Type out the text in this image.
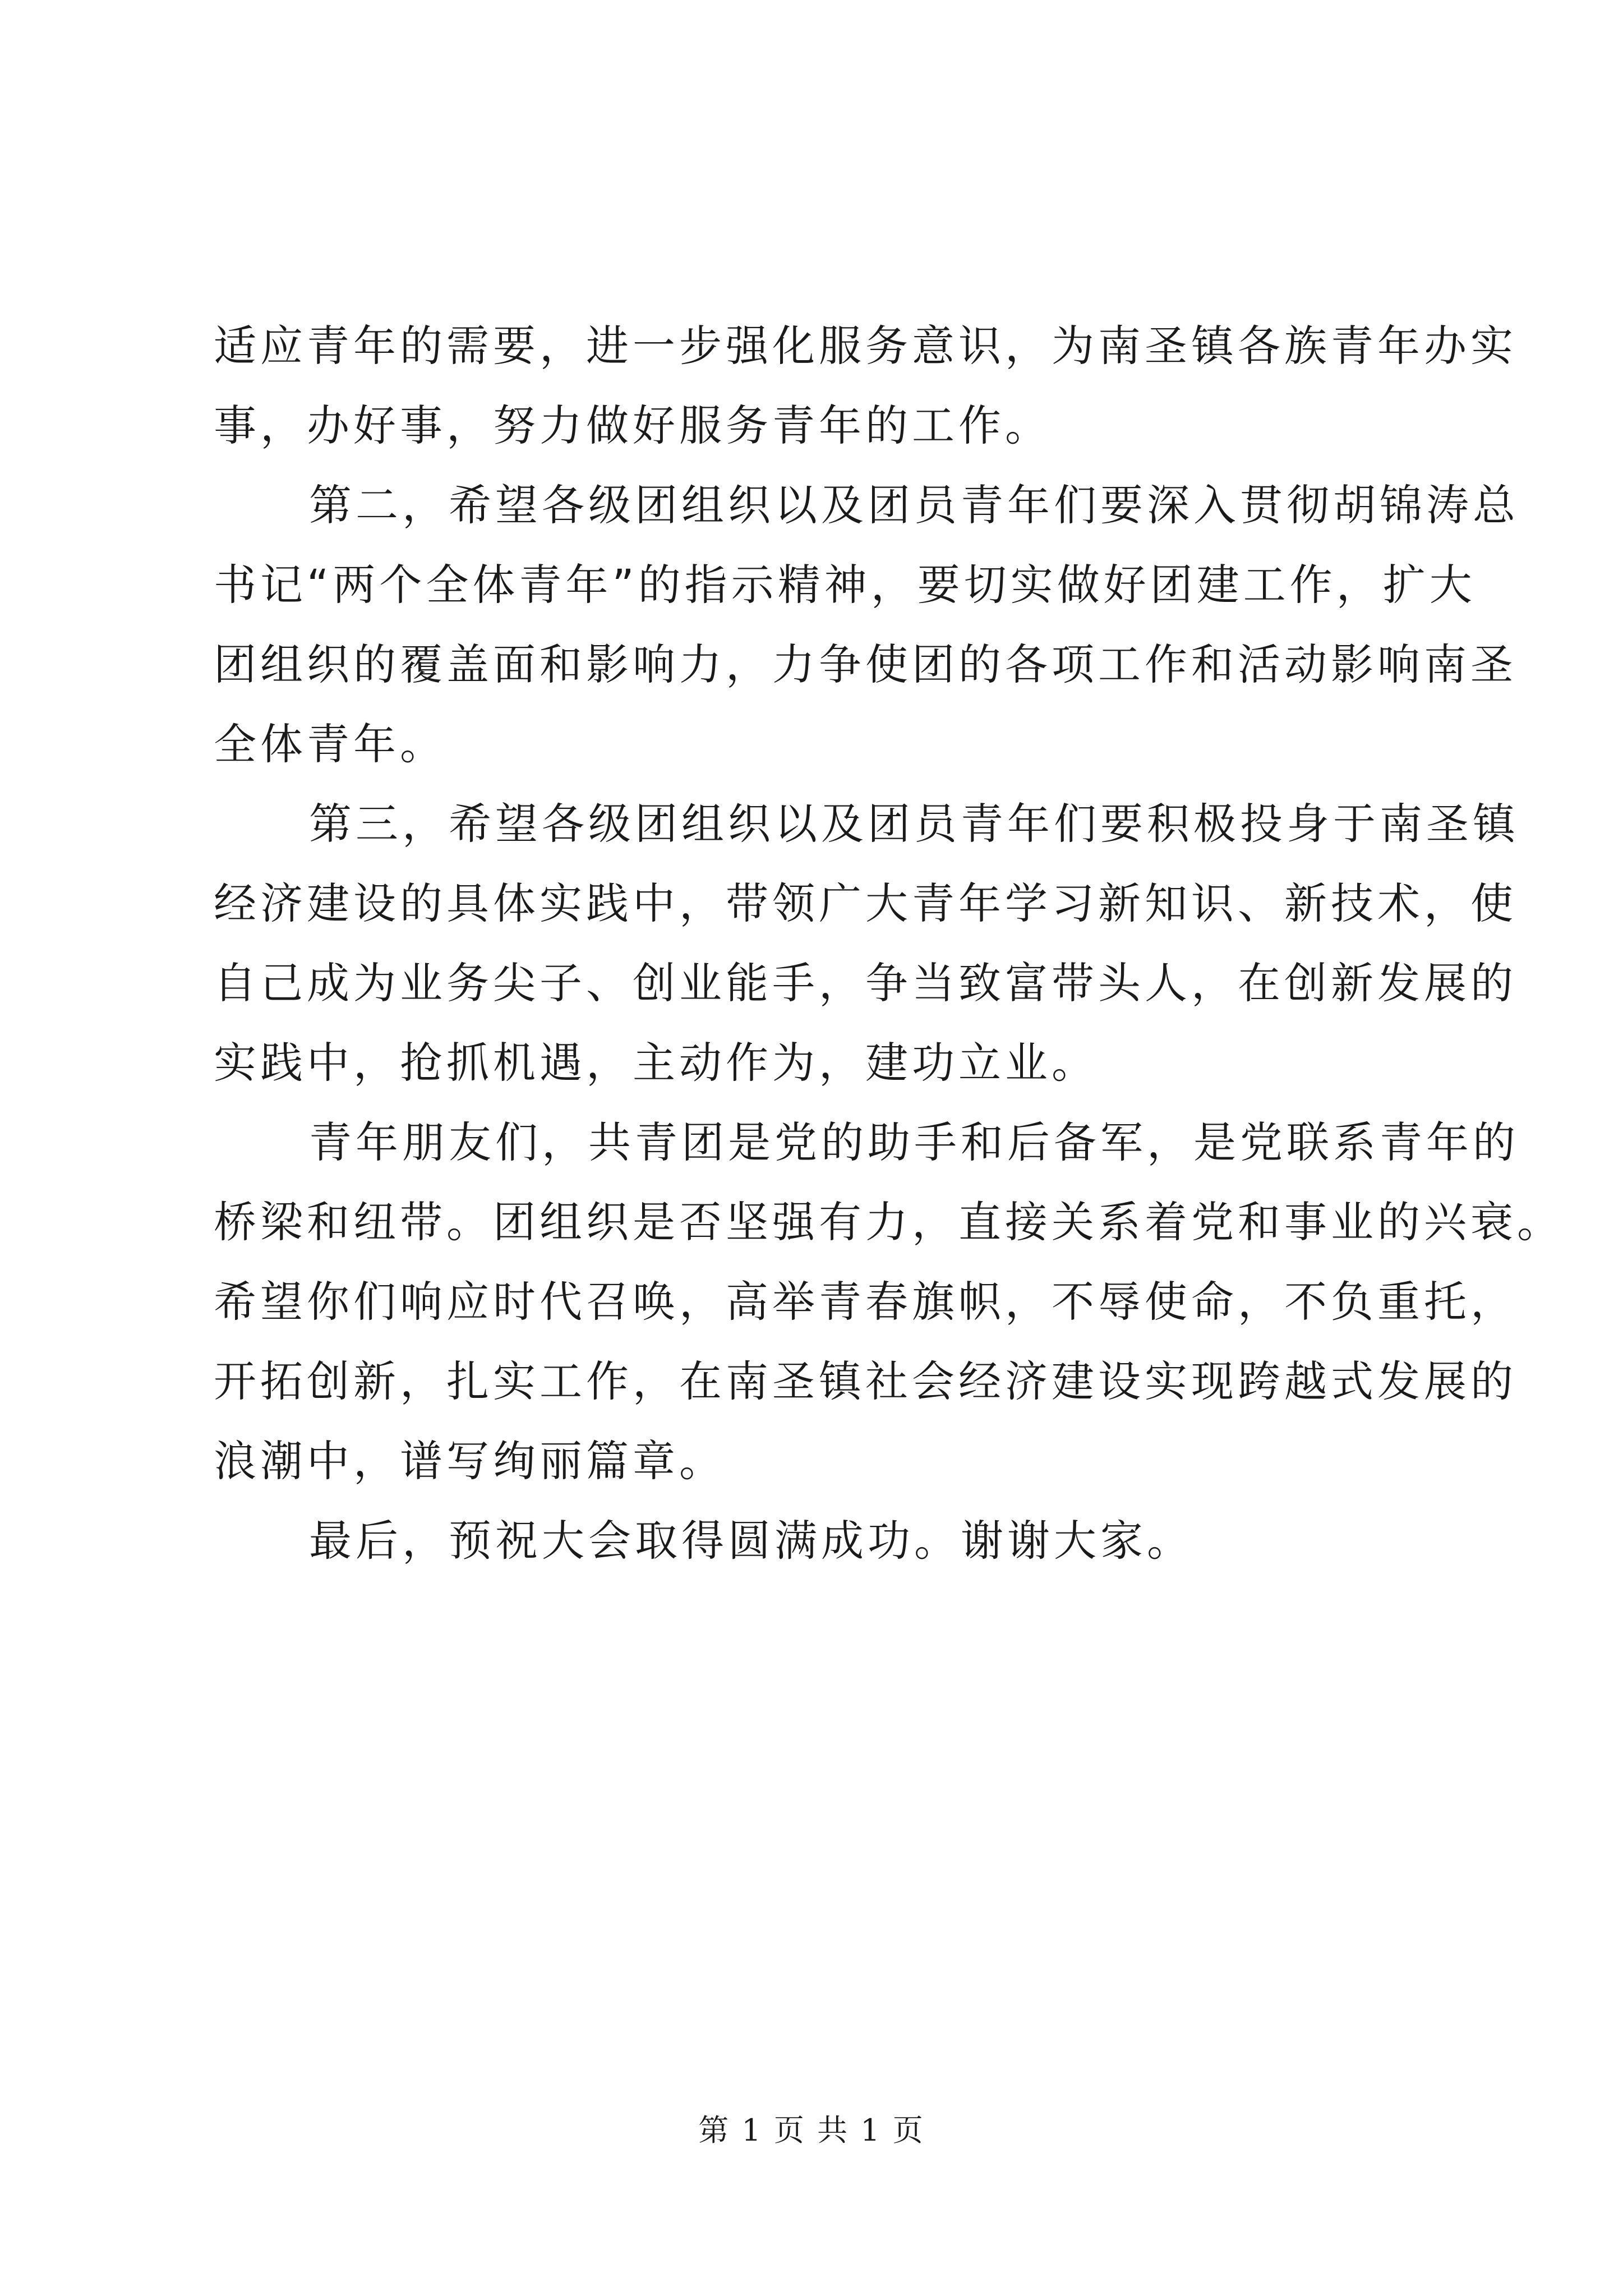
适应青年的需要，进一步强化服务意识，为南圣镇各族青年办实
事，办好事，努力做好服务青年的工作。
第二，希望各级团组织以及团员青年们要深入贯彻胡锦涛总
书记“两个全体青年”的指示精神，要切实做好团建工作，扩大
团组织的覆盖面和影响力，力争使团的各项工作和活动影响南圣
全体青年。
第三，希望各级团组织以及团员青年们要积极投身于南圣镇
经济建设的具体实践中，带领广大青年学习新知识、新技术，使
自己成为业务尖子、创业能手，争当致富带头人，在创新发展的
实践中，抢抓机遇，主动作为，建功立业。
青年朋友们，共青团是党的助手和后备军，是党联系青年的
桥梁和纽带。团组织是否坚强有力，直接关系着党和事业的兴衰。
希望你们响应时代召唤，高举青春旗帜，不辱使命，不负重托，
开拓创新，扎实工作，在南圣镇社会经济建设实现跨越式发展的
浪潮中，谱写绚丽篇章。
最后，预祝大会取得圆满成功。谢谢大家。
第 1 页 共 1 页
